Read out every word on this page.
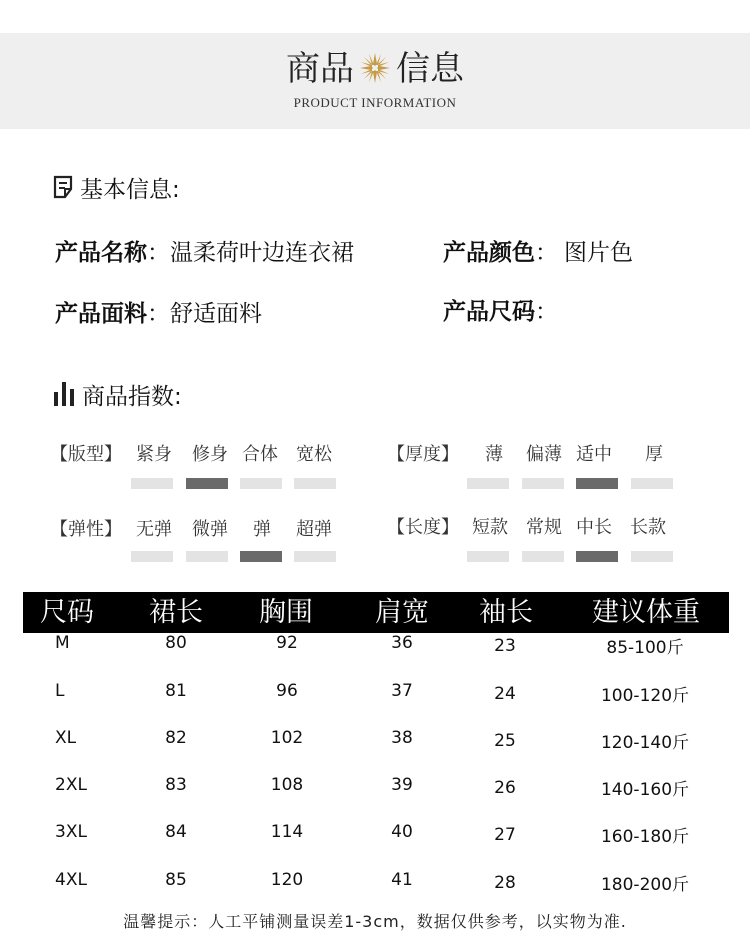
商品 信息
PRODUCT INFORMATION
基本信息:
产品名称：温柔荷叶边连衣裙	产品颜色： 图片色
产品面料：舒适面料	产品尺码：
商品指数:
【版型】 紧身	修身 合体	宽松	【厚度】	薄	偏薄 适中	厚
【弹性】 无弹	微弹	弹	超弹	【长度】 短款	常规 中长	长款
尺码	裙长	胸围	肩宽	袖长	建议体重
M	80	92	36	23	85-100斤
L	81	96	37	24	100-120斤
XL	82	102	38	25	120-140斤
2XL	83	108	39	26	140-160斤
3XL	84	114	40	27	160-180斤
4XL	85	120	41	28	180-200斤
温馨提示：人工平铺测量误差1-3cm，数据仅供参考，以实物为准.
